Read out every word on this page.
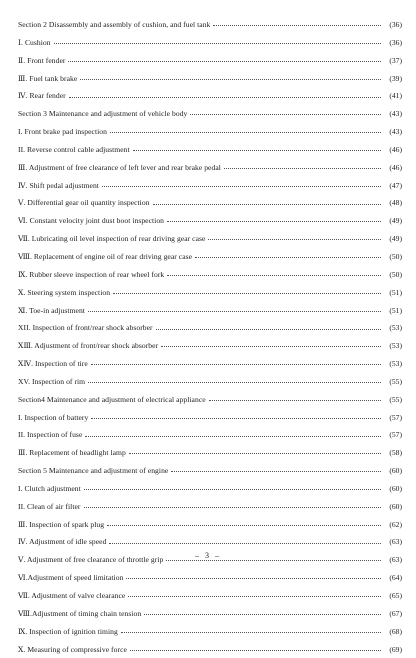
Section 2 Disassembly and assembly of cushion, and fuel tank	(36)
Ⅰ. Cushion	(36)
Ⅱ. Front fender	(37)
Ⅲ. Fuel tank brake	(39)
Ⅳ. Rear fender	(41)
Section 3 Maintenance and adjustment of vehicle body	(43)
I. Front brake pad inspection	(43)
II. Reverse control cable adjustment	(46)
Ⅲ. Adjustment of free clearance of left lever and rear brake pedal	(46)
Ⅳ. Shift pedal adjustment	(47)
Ⅴ. Differential gear oil quantity inspection	(48)
Ⅵ. Constant velocity joint dust boot inspection	(49)
Ⅶ. Lubricating oil level inspection of rear driving gear case	(49)
Ⅷ. Replacement of engine oil of rear driving gear case	(50)
Ⅸ. Rubber sleeve inspection of rear wheel fork	(50)
Ⅹ. Steering system inspection	(51)
Ⅺ. Toe-in adjustment	(51)
XII. Inspection of front/rear shock absorber	(53)
ⅩⅢ. Adjustment of front/rear shock absorber	(53)
ⅩⅣ. Inspection of tire	(53)
XV. Inspection of rim	(55)
Section4 Maintenance and adjustment of electrical appliance	(55)
I. Inspection of battery	(57)
II. Inspection of fuse	(57)
Ⅲ. Replacement of headlight lamp	(58)
Section 5 Maintenance and adjustment of engine	(60)
I. Clutch adjustment	(60)
II. Clean of air filter	(60)
Ⅲ. Inspection of spark plug	(62)
Ⅳ. Adjustment of idle speed	(63)
Ⅴ. Adjustment of free clearance of throttle grip	(63)
Ⅵ.Adjustment of speed limitation	(64)
Ⅶ. Adjustment of valve clearance	(65)
Ⅷ.Adjustment of timing chain tension	(67)
Ⅸ. Inspection of ignition timing	(68)
Ⅹ. Measuring of compressive force	(69)
– 3 –
